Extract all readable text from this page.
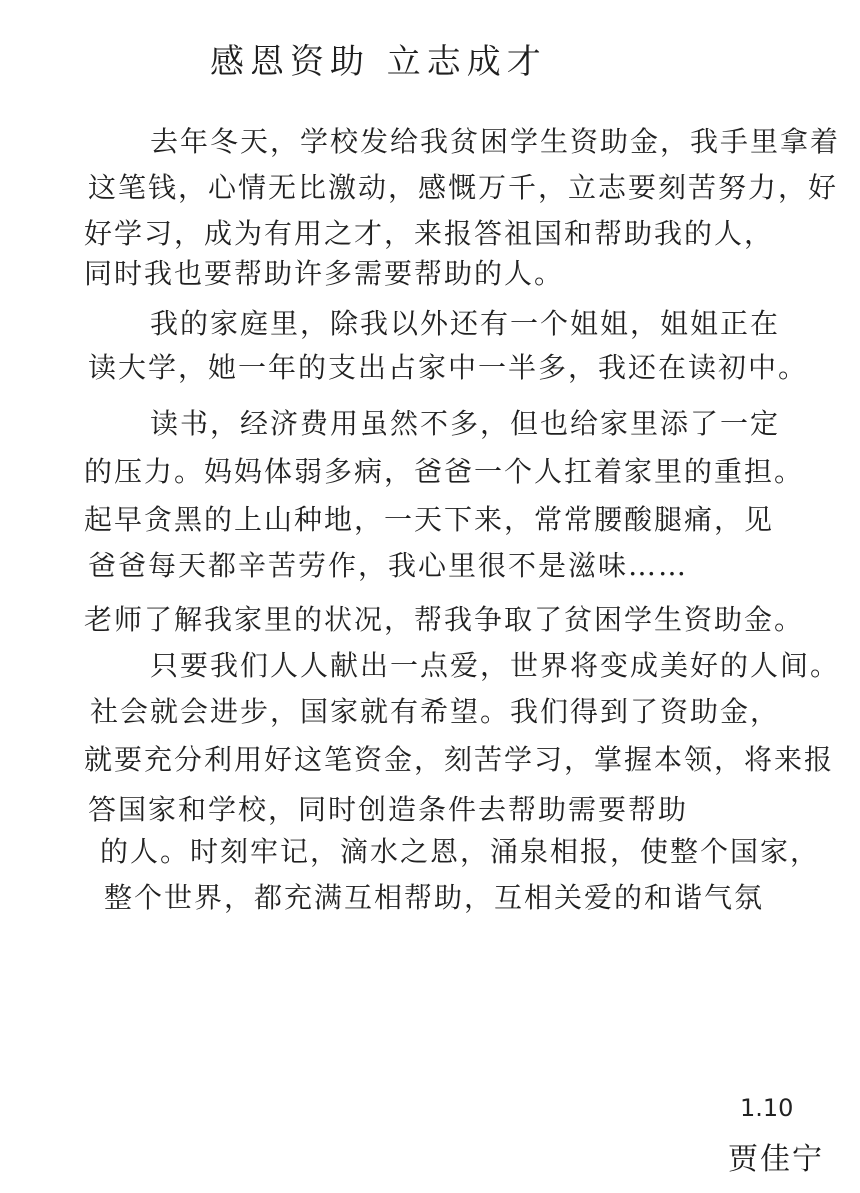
感恩资助 立志成才
去年冬天，学校发给我贫困学生资助金，我手里拿着
这笔钱，心情无比激动，感慨万千，立志要刻苦努力，好
好学习，成为有用之才，来报答祖国和帮助我的人，
同时我也要帮助许多需要帮助的人。
我的家庭里，除我以外还有一个姐姐，姐姐正在
读大学，她一年的支出占家中一半多，我还在读初中。
读书，经济费用虽然不多，但也给家里添了一定
的压力。妈妈体弱多病，爸爸一个人扛着家里的重担。
起早贪黑的上山种地，一天下来，常常腰酸腿痛，见
爸爸每天都辛苦劳作，我心里很不是滋味……
老师了解我家里的状况，帮我争取了贫困学生资助金。
只要我们人人献出一点爱，世界将变成美好的人间。
社会就会进步，国家就有希望。我们得到了资助金，
就要充分利用好这笔资金，刻苦学习，掌握本领，将来报
答国家和学校，同时创造条件去帮助需要帮助
的人。时刻牢记，滴水之恩，涌泉相报，使整个国家，
整个世界，都充满互相帮助，互相关爱的和谐气氛
1.10
贾佳宁
